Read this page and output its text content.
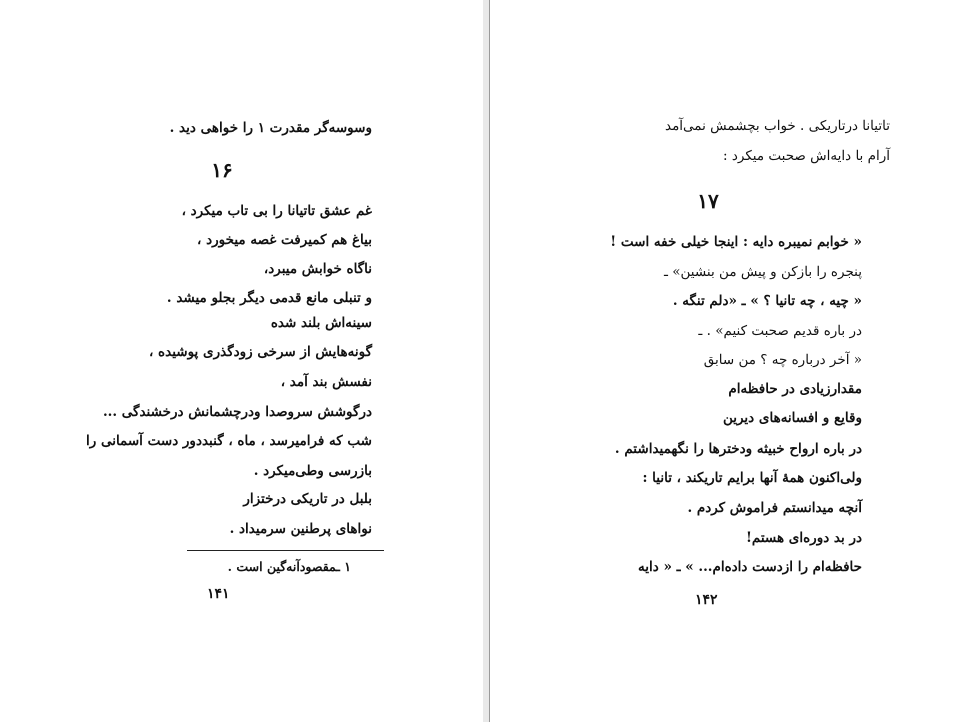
وسوسه‌گر مقدرت ۱ را خواهی دید .
۱۶
غم عشق تاتیانا را بی تاب میکرد ،
بیاغ هم کمیرفت غصه میخورد ،
ناگاه خوابش میبرد،
و تنبلی مانع قدمی دیگر بجلو میشد .
سینه‌اش بلند شده
گونه‌هایش از سرخی زودگذری پوشیده ،
نفسش بند آمد ،
درگوشش سروصدا ودرچشمانش درخشندگی ...
شب که فرامیرسد ، ماه ، گنبددور دست آسمانی را
بازرسی وطی‌میکرد .
بلبل در تاریکی درختزار
نواهای پرطنین سرمیداد .
۱ ـمقصودآنه‌گین است .
۱۴۱
تاتیانا درتاریکی . خواب بچشمش نمی‌آمد
آرام با دایه‌اش صحبت میکرد :
۱۷
« خوابم نمیبره دایه : اینجا خیلی خفه است !
پنجره را بازکن و پیش من بنشین» ـ
« چیه ، چه تانیا ؟ » ـ «دلم تنگه .
در باره قدیم صحبت کنیم» . ـ
« آخر درباره چه ؟ من سابق
مقدارزیادی در حافظه‌ام
وقایع و افسانه‌های دیرین
در باره ارواح خبیثه ودخترها را نگهمیداشتم .
ولی‌اکنون همهٔ آنها برایم تاریکند ، تانیا :
آنچه میدانستم فراموش کردم .
در بد دوره‌ای هستم!
حافظه‌ام را ازدست داده‌ام... » ـ « دایه
۱۴۲
